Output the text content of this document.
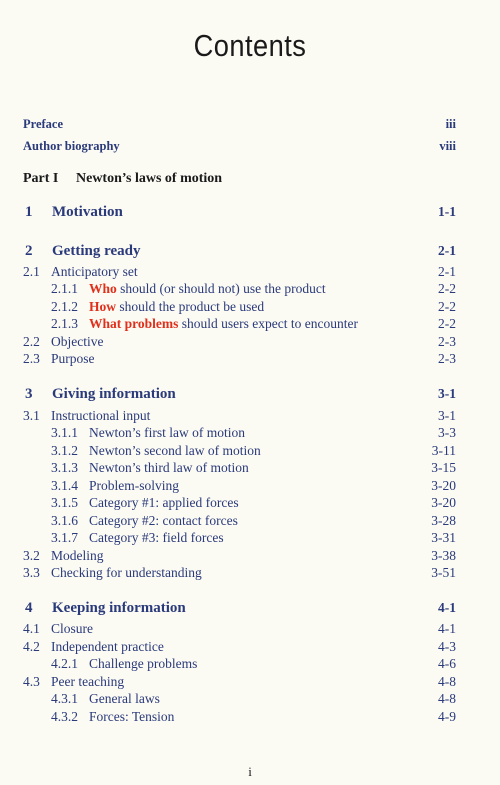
Contents
Preface	iii
Author biography	viii
Part I Newton’s laws of motion
1 Motivation	1-1
2 Getting ready	2-1
2.1 Anticipatory set	2-1
2.1.1 Who should (or should not) use the product	2-2
2.1.2 How should the product be used	2-2
2.1.3 What problems should users expect to encounter	2-2
2.2 Objective	2-3
2.3 Purpose	2-3
3 Giving information	3-1
3.1 Instructional input	3-1
3.1.1 Newton’s first law of motion	3-3
3.1.2 Newton’s second law of motion	3-11
3.1.3 Newton’s third law of motion	3-15
3.1.4 Problem-solving	3-20
3.1.5 Category #1: applied forces	3-20
3.1.6 Category #2: contact forces	3-28
3.1.7 Category #3: field forces	3-31
3.2 Modeling	3-38
3.3 Checking for understanding	3-51
4 Keeping information	4-1
4.1 Closure	4-1
4.2 Independent practice	4-3
4.2.1 Challenge problems	4-6
4.3 Peer teaching	4-8
4.3.1 General laws	4-8
4.3.2 Forces: Tension	4-9
i
